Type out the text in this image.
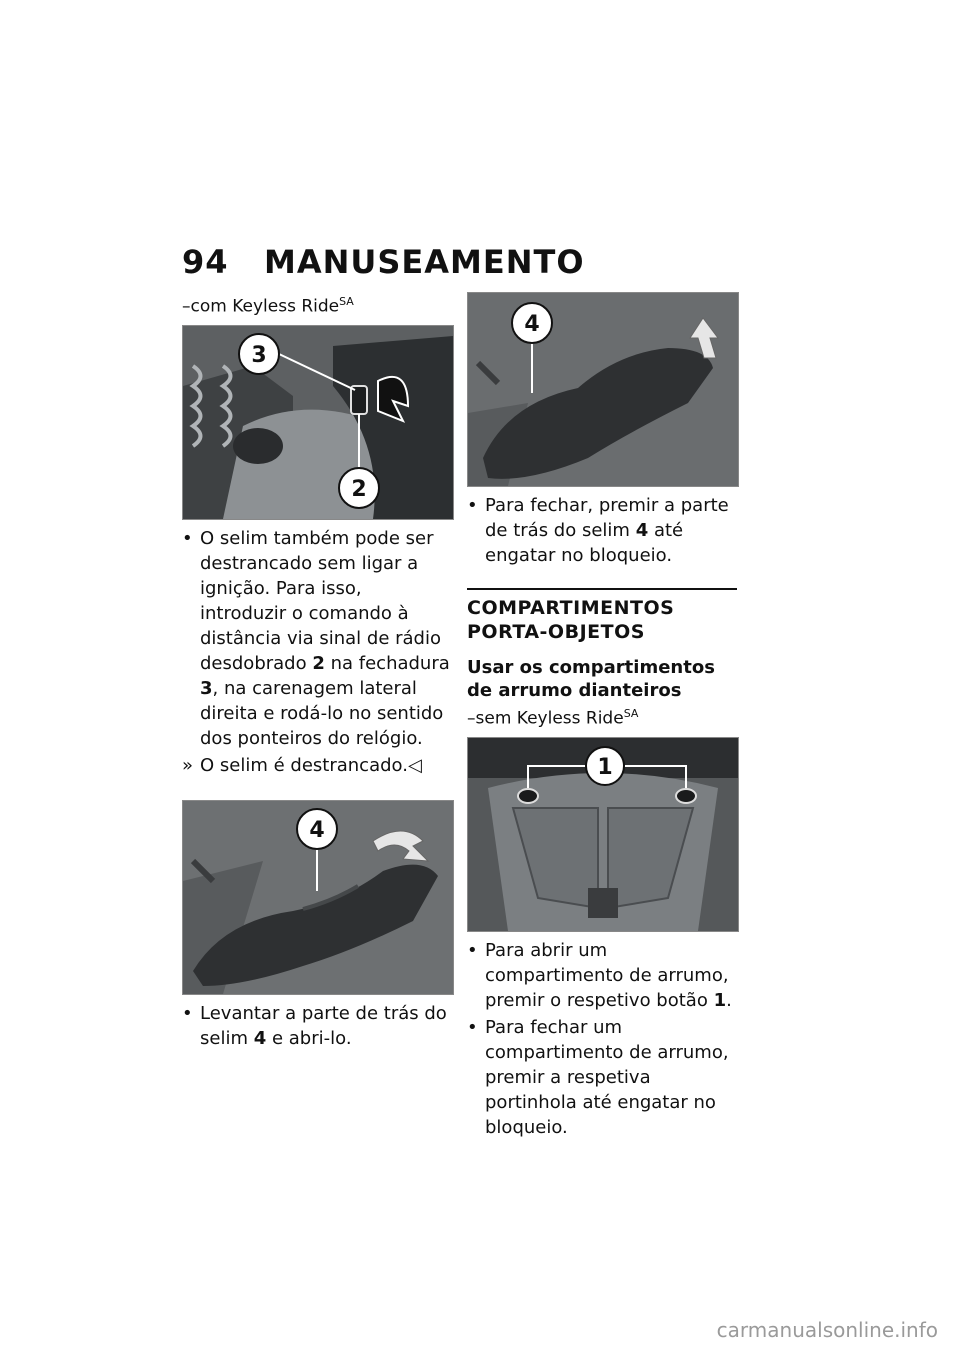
94 MANUSEAMENTO
–com Keyless Ride$^{SA}$
3
2
• O selim também pode ser destrancado sem ligar a ignição. Para isso, introduzir o comando à distância via sinal de rádio desdobrado 2 na fechadura 3, na carenagem lateral direita e rodá-lo no sentido dos ponteiros do relógio.
» O selim é destrancado.◁
4
• Levantar a parte de trás do selim 4 e abri-lo.
4
• Para fechar, premir a parte de trás do selim 4 até engatar no bloqueio.
COMPARTIMENTOS PORTA-OBJETOS
Usar os compartimentos de arrumo dianteiros
–sem Keyless Ride$^{SA}$
1
• Para abrir um compartimento de arrumo, premir o respetivo botão 1.
• Para fechar um compartimento de arrumo, premir a respetiva portinhola até engatar no bloqueio.
carmanualsonline.info
